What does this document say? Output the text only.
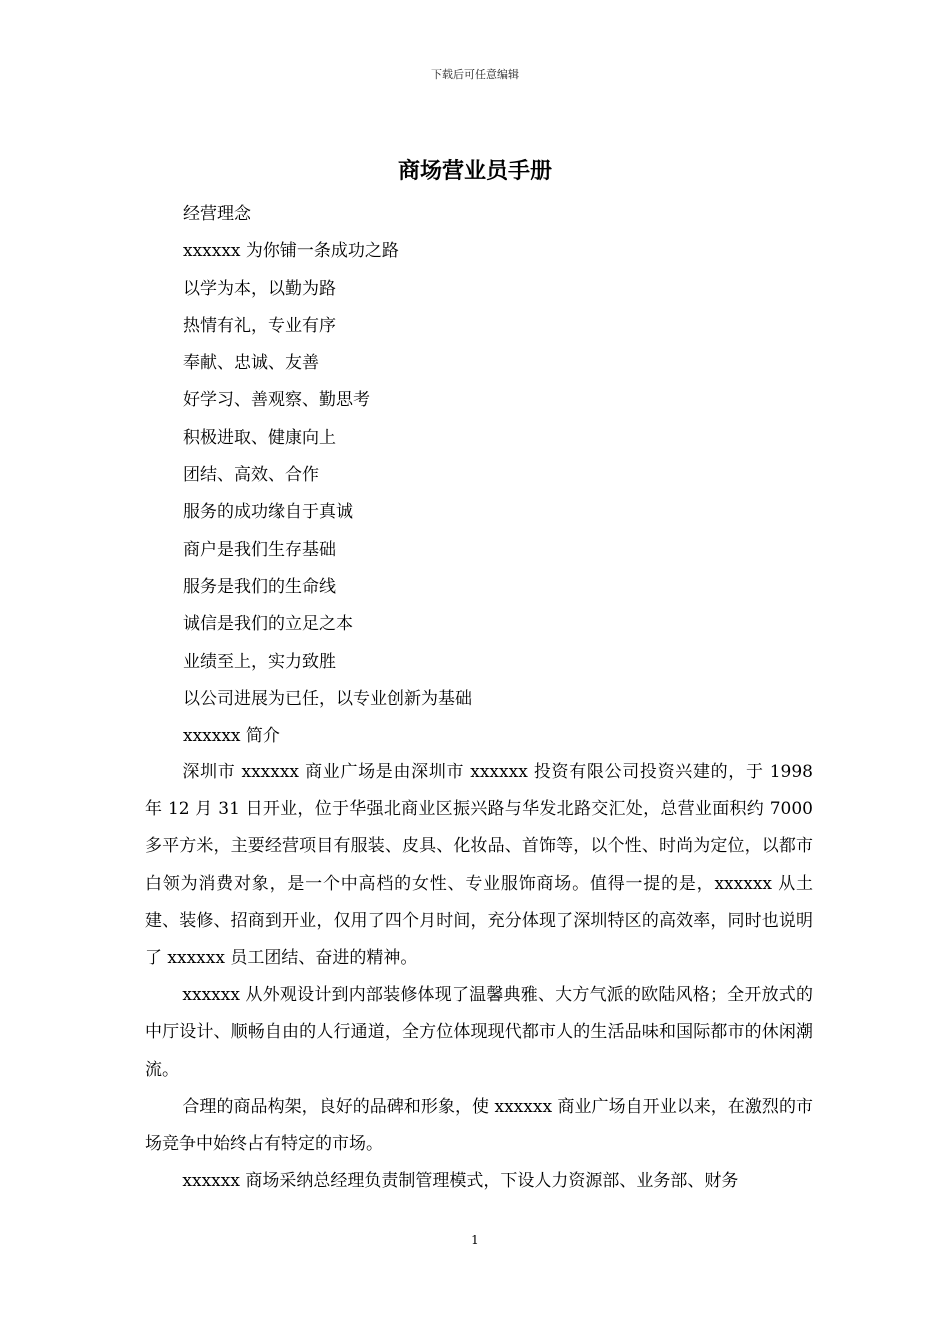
下载后可任意编辑
商场营业员手册
经营理念
xxxxxx 为你铺一条成功之路
以学为本，以勤为路
热情有礼，专业有序
奉献、忠诚、友善
好学习、善观察、勤思考
积极进取、健康向上
团结、高效、合作
服务的成功缘自于真诚
商户是我们生存基础
服务是我们的生命线
诚信是我们的立足之本
业绩至上，实力致胜
以公司进展为已任，以专业创新为基础
xxxxxx 简介

深圳市 xxxxxx 商业广场是由深圳市 xxxxxx 投资有限公司投资兴建的，于 1998 年 12 月 31 日开业，位于华强北商业区振兴路与华发北路交汇处，总营业面积约 7000 多平方米，主要经营项目有服装、皮具、化妆品、首饰等，以个性、时尚为定位，以都市白领为消费对象，是一个中高档的女性、专业服饰商场。值得一提的是，xxxxxx 从土建、装修、招商到开业，仅用了四个月时间，充分体现了深圳特区的高效率，同时也说明了 xxxxxx 员工团结、奋进的精神。

xxxxxx 从外观设计到内部装修体现了温馨典雅、大方气派的欧陆风格；全开放式的中厅设计、顺畅自由的人行通道，全方位体现现代都市人的生活品味和国际都市的休闲潮流。

合理的商品构架，良好的品碑和形象，使 xxxxxx 商业广场自开业以来，在激烈的市场竞争中始终占有特定的市场。

xxxxxx 商场采纳总经理负责制管理模式，下设人力资源部、业务部、财务

1
